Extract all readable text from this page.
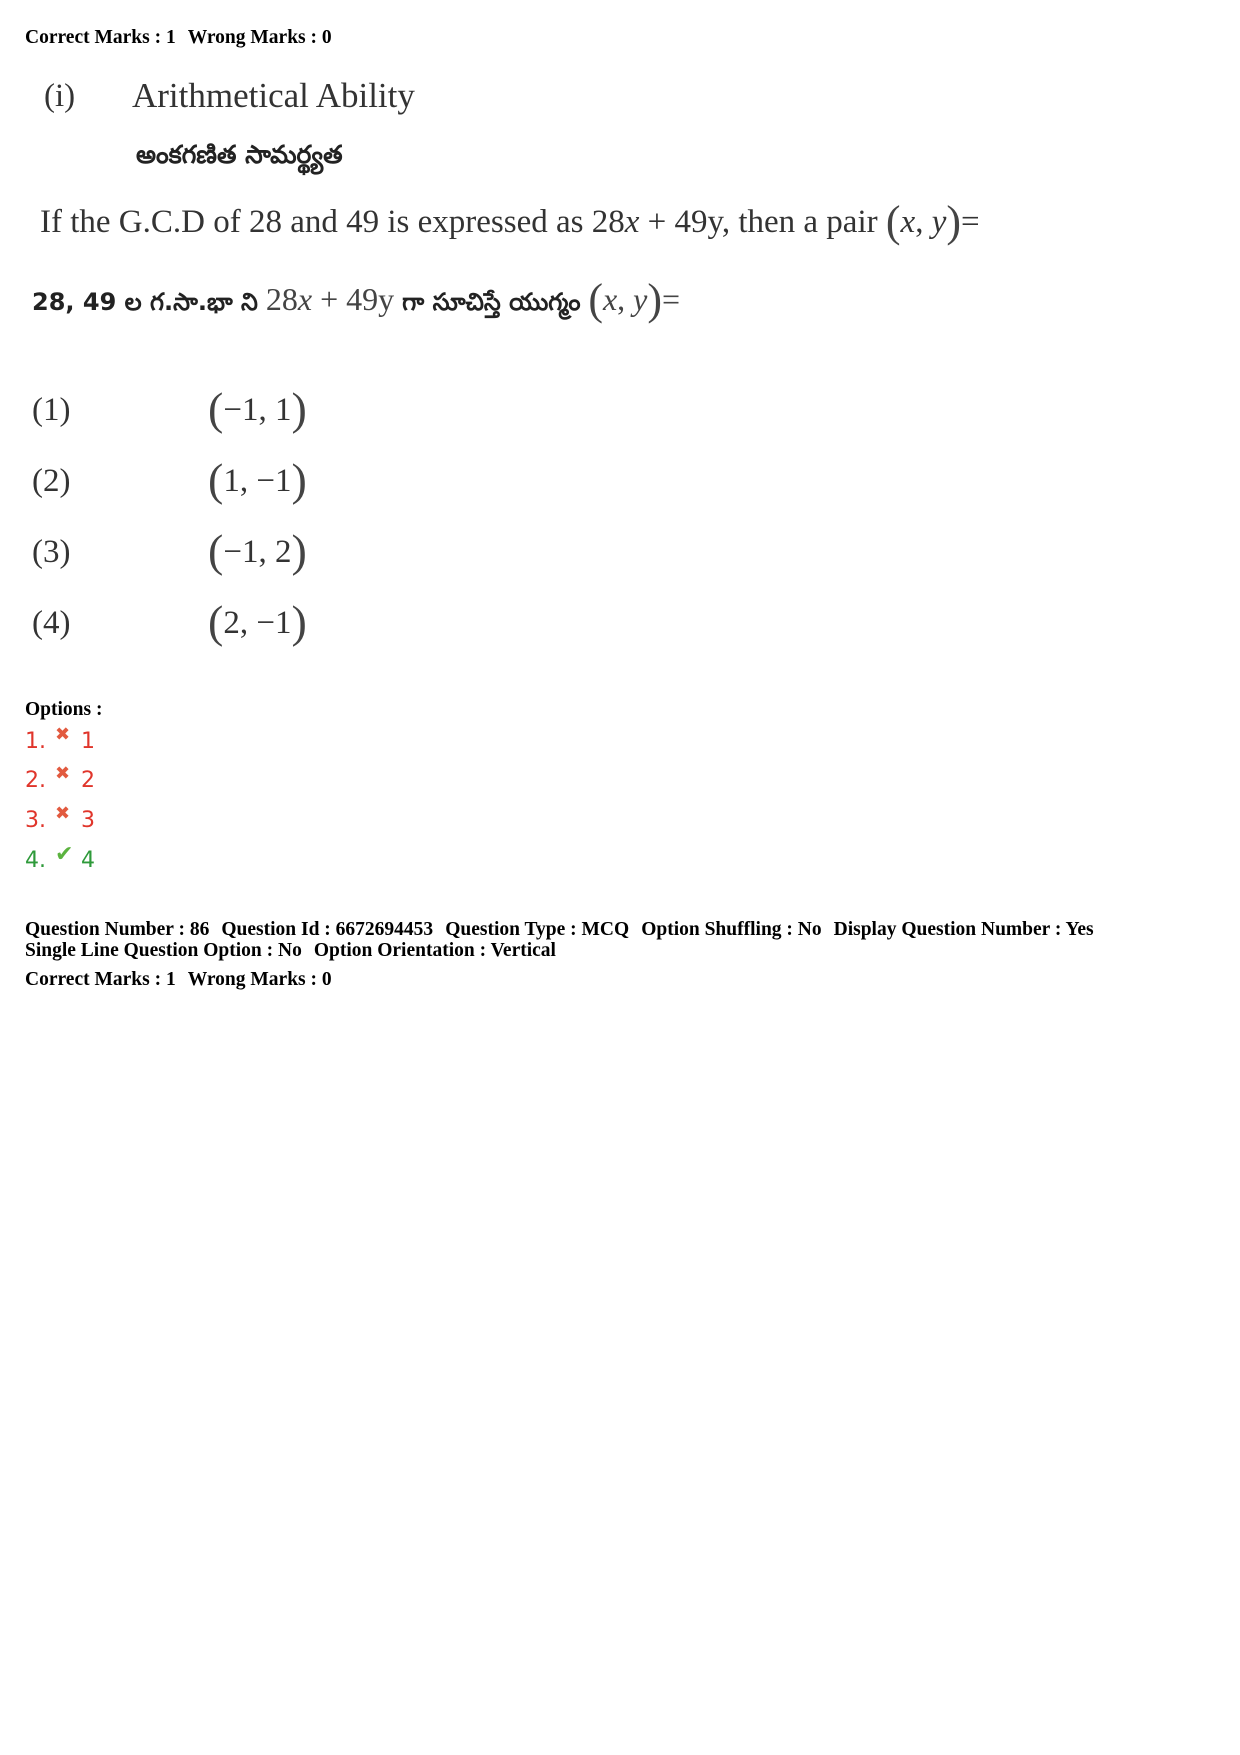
Correct Marks : 1 Wrong Marks : 0
(i) Arithmetical Ability
అంకగణిత సామర్థ్యత
If the G.C.D of 28 and 49 is expressed as 28x + 49y, then a pair (x, y)=
28, 49 ల గ.సా.భా ని 28x + 49y గా సూచిస్తే యుగ్మం (x, y)=
(1)	(−1, 1)
(2)	(1, −1)
(3)	(−1, 2)
(4)	(2, −1)
Options :
1. ✖ 1
2. ✖ 2
3. ✖ 3
4. ✔ 4
Question Number : 86 Question Id : 6672694453 Question Type : MCQ Option Shuffling : No Display Question Number : Yes
Single Line Question Option : No Option Orientation : Vertical
Correct Marks : 1 Wrong Marks : 0
